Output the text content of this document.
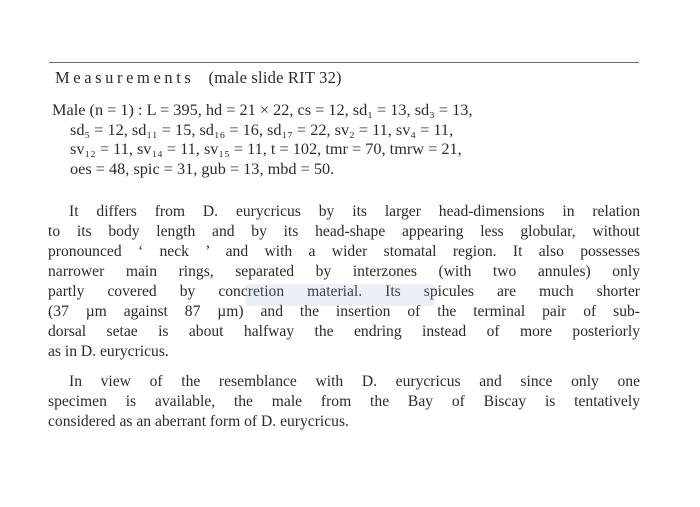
Measurements (male slide RIT 32)
Male (n = 1) : L = 395, hd = 21 × 22, cs = 12, sd₁ = 13, sd₃ = 13,
sd₅ = 12, sd₁₁ = 15, sd₁₆ = 16, sd₁₇ = 22, sv₂ = 11, sv₄ = 11,
sv₁₂ = 11, sv₁₄ = 11, sv₁₅ = 11, t = 102, tmr = 70, tmrw = 21,
oes = 48, spic = 31, gub = 13, mbd = 50.
It differs from D. eurycricus by its larger head-dimensions in relation
to its body length and by its head-shape appearing less globular, without
pronounced ‘ neck ’ and with a wider stomatal region. It also possesses
narrower main rings, separated by interzones (with two annules) only
partly covered by concretion material. Its spicules are much shorter
(37 µm against 87 µm) and the insertion of the terminal pair of sub-
dorsal setae is about halfway the endring instead of more posteriorly
as in D. eurycricus.
In view of the resemblance with D. eurycricus and since only one
specimen is available, the male from the Bay of Biscay is tentatively
considered as an aberrant form of D. eurycricus.
